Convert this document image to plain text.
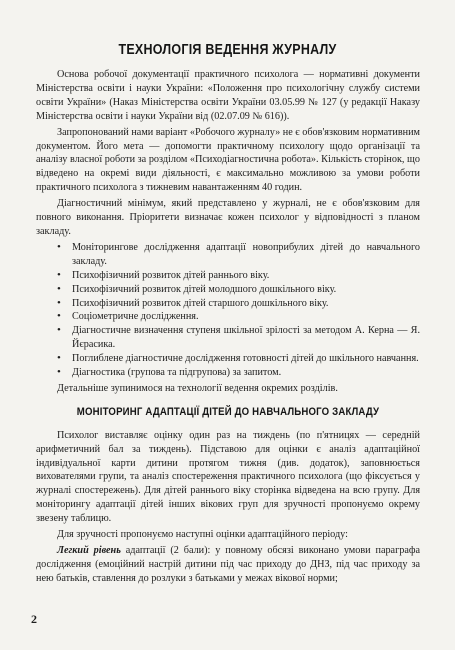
ТЕХНОЛОГІЯ ВЕДЕННЯ ЖУРНАЛУ

Основа робочої документації практичного психолога — нормативні документи Міністерства освіти і науки України: «Положення про психологічну службу системи освіти України» (Наказ Міністерства освіти України 03.05.99 № 127 (у редакції Наказу Міністерства освіти і науки України від (02.07.09 № 616)).

Запропонований нами варіант «Робочого журналу» не є обов'язковим нормативним документом. Його мета — допомогти практичному психологу щодо організації та аналізу власної роботи за розділом «Психодіагностична робота». Кількість сторінок, що відведено на окремі види діяльності, є максимально можливою за умови роботи практичного психолога з тижневим навантаженням 40 годин.

Діагностичний мінімум, який представлено у журналі, не є обов'язковим для повного виконання. Пріоритети визначає кожен психолог у відповідності з планом закладу.

• Моніторингове дослідження адаптації новоприбулих дітей до навчального закладу.
• Психофізичний розвиток дітей раннього віку.
• Психофізичний розвиток дітей молодшого дошкільного віку.
• Психофізичний розвиток дітей старшого дошкільного віку.
• Соціометричне дослідження.
• Діагностичне визначення ступеня шкільної зрілості за методом А. Керна — Я. Йєрасика.
• Поглиблене діагностичне дослідження готовності дітей до шкільного навчання.
• Діагностика (групова та підгрупова) за запитом.

Детальніше зупинимося на технології ведення окремих розділів.

МОНІТОРИНГ АДАПТАЦІЇ ДІТЕЙ ДО НАВЧАЛЬНОГО ЗАКЛАДУ

Психолог виставляє оцінку один раз на тиждень (по п'ятницях — середній арифметичний бал за тиждень). Підставою для оцінки є аналіз адаптаційної індивідуальної карти дитини протягом тижня (див. додаток), заповнюється вихователями групи, та аналіз спостереження практичного психолога (що фіксується у журналі спостережень). Для дітей раннього віку сторінка відведена на всю групу. Для моніторингу адаптації дітей інших вікових груп для зручності пропонуємо окрему звезену таблицю.

Для зручності пропонуємо наступні оцінки адаптаційного періоду:

Легкий рівень адаптації (2 бали): у повному обсязі виконано умови параграфа дослідження (емоційний настрій дитини під час приходу до ДНЗ, під час приходу за нею батьків, ставлення до розлуки з батьками у межах вікової норми;

2
